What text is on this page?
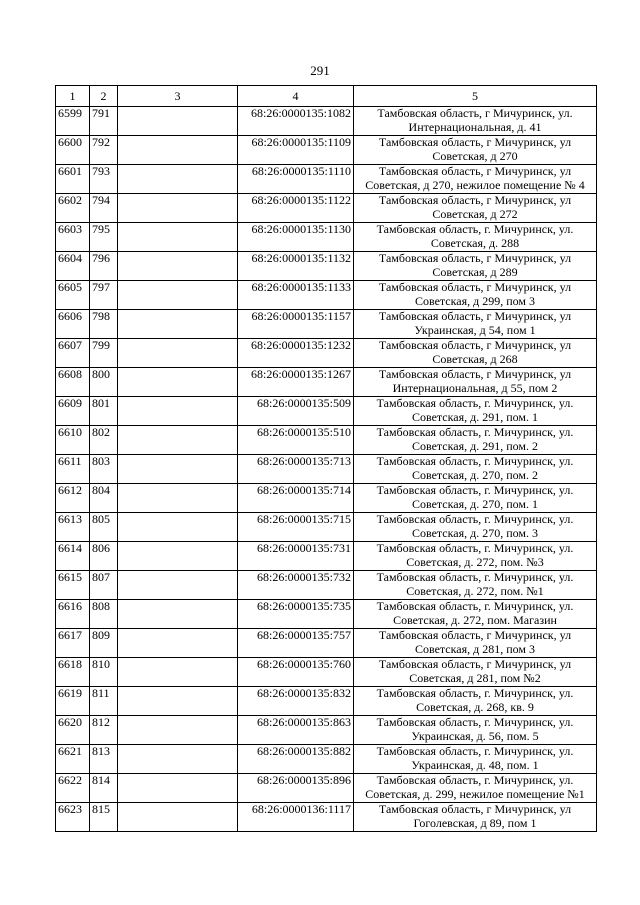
291
1	2	3	4	5
6599	791		68:26:0000135:1082	Тамбовская область, г Мичуринск, ул.
Интернациональная, д. 41

6600	792		68:26:0000135:1109	Тамбовская область, г Мичуринск, ул
Советская, д 270

6601	793		68:26:0000135:1110	Тамбовская область, г Мичуринск, ул
Советская, д 270, нежилое помещение № 4

6602	794		68:26:0000135:1122	Тамбовская область, г Мичуринск, ул
Советская, д 272

6603	795		68:26:0000135:1130	Тамбовская область, г. Мичуринск, ул.
Советская, д. 288

6604	796		68:26:0000135:1132	Тамбовская область, г Мичуринск, ул
Советская, д 289

6605	797		68:26:0000135:1133	Тамбовская область, г Мичуринск, ул
Советская, д 299, пом 3

6606	798		68:26:0000135:1157	Тамбовская область, г Мичуринск, ул
Украинская, д 54, пом 1

6607	799		68:26:0000135:1232	Тамбовская область, г Мичуринск, ул
Советская, д 268

6608	800		68:26:0000135:1267	Тамбовская область, г Мичуринск, ул
Интернациональная, д 55, пом 2

6609	801		68:26:0000135:509	Тамбовская область, г. Мичуринск, ул.
Советская, д. 291, пом. 1

6610	802		68:26:0000135:510	Тамбовская область, г. Мичуринск, ул.
Советская, д. 291, пом. 2

6611	803		68:26:0000135:713	Тамбовская область, г. Мичуринск, ул.
Советская, д. 270, пом. 2

6612	804		68:26:0000135:714	Тамбовская область, г. Мичуринск, ул.
Советская, д. 270, пом. 1

6613	805		68:26:0000135:715	Тамбовская область, г. Мичуринск, ул.
Советская, д. 270, пом. 3

6614	806		68:26:0000135:731	Тамбовская область, г. Мичуринск, ул.
Советская, д. 272, пом. №3

6615	807		68:26:0000135:732	Тамбовская область, г. Мичуринск, ул.
Советская, д. 272, пом. №1

6616	808		68:26:0000135:735	Тамбовская область, г. Мичуринск, ул.
Советская, д. 272, пом. Магазин

6617	809		68:26:0000135:757	Тамбовская область, г Мичуринск, ул
Советская, д 281, пом 3

6618	810		68:26:0000135:760	Тамбовская область, г Мичуринск, ул
Советская, д 281, пом №2

6619	811		68:26:0000135:832	Тамбовская область, г. Мичуринск, ул.
Советская, д. 268, кв. 9

6620	812		68:26:0000135:863	Тамбовская область, г. Мичуринск, ул.
Украинская, д. 56, пом. 5

6621	813		68:26:0000135:882	Тамбовская область, г. Мичуринск, ул.
Украинская, д. 48, пом. 1

6622	814		68:26:0000135:896	Тамбовская область, г. Мичуринск, ул.
Советская, д. 299, нежилое помещение №1

6623	815		68:26:0000136:1117	Тамбовская область, г Мичуринск, ул
Гоголевская, д 89, пом 1
